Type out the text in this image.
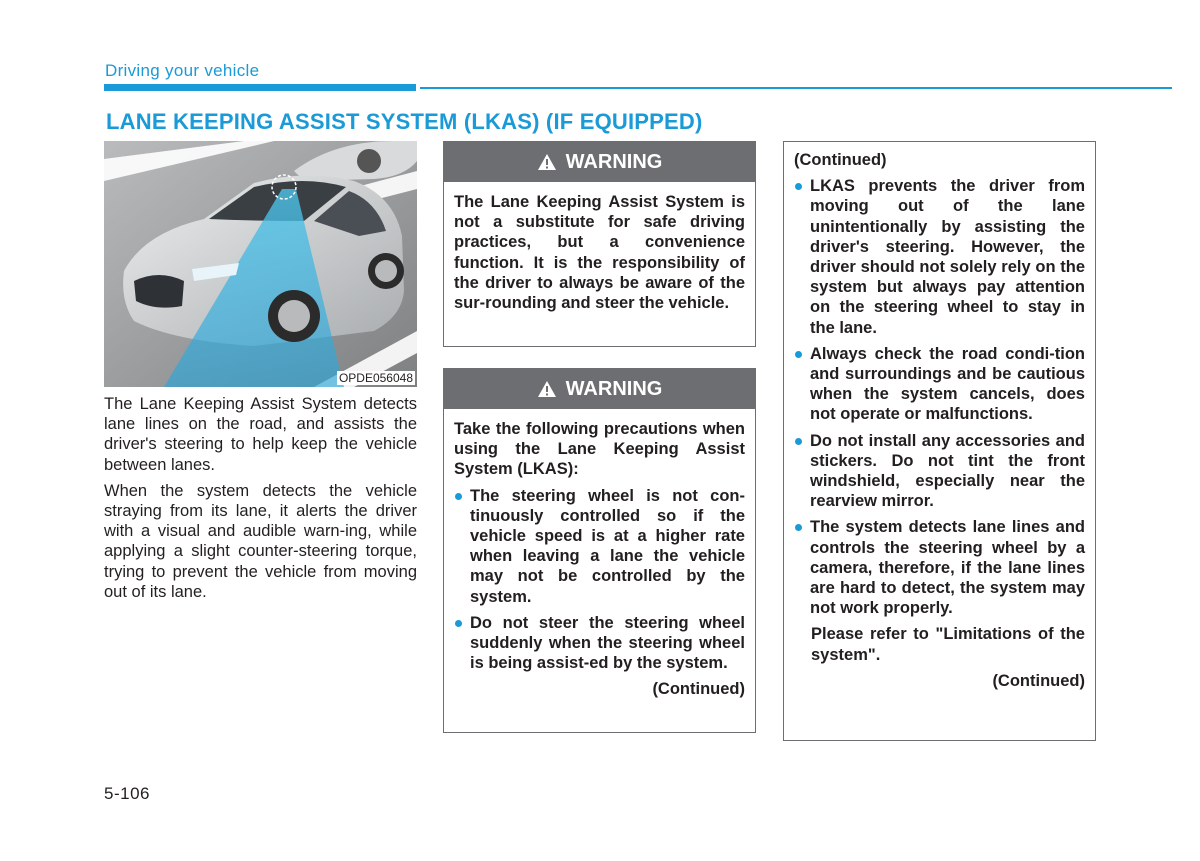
Driving your vehicle
LANE KEEPING ASSIST SYSTEM (LKAS) (IF EQUIPPED)
OPDE056048

The Lane Keeping Assist System detects lane lines on the road, and assists the driver's steering to help keep the vehicle between lanes.

When the system detects the vehicle straying from its lane, it alerts the driver with a visual and audible warn-ing, while applying a slight counter-steering torque, trying to prevent the vehicle from moving out of its lane.

WARNING

The Lane Keeping Assist System is not a substitute for safe driving practices, but a convenience function. It is the responsibility of the driver to always be aware of the sur-rounding and steer the vehicle.

WARNING

Take the following precautions when using the Lane Keeping Assist System (LKAS):

The steering wheel is not con-tinuously controlled so if the vehicle speed is at a higher rate when leaving a lane the vehicle may not be controlled by the system.

Do not steer the steering wheel suddenly when the steering wheel is being assist-ed by the system.

(Continued)

(Continued)

LKAS prevents the driver from moving out of the lane unintentionally by assisting the driver's steering. However, the driver should not solely rely on the system but always pay attention on the steering wheel to stay in the lane.

Always check the road condi-tion and surroundings and be cautious when the system cancels, does not operate or malfunctions.

Do not install any accessories and stickers. Do not tint the front windshield, especially near the rearview mirror.

The system detects lane lines and controls the steering wheel by a camera, therefore, if the lane lines are hard to detect, the system may not work properly.

Please refer to "Limitations of the system".

(Continued)

5-106
